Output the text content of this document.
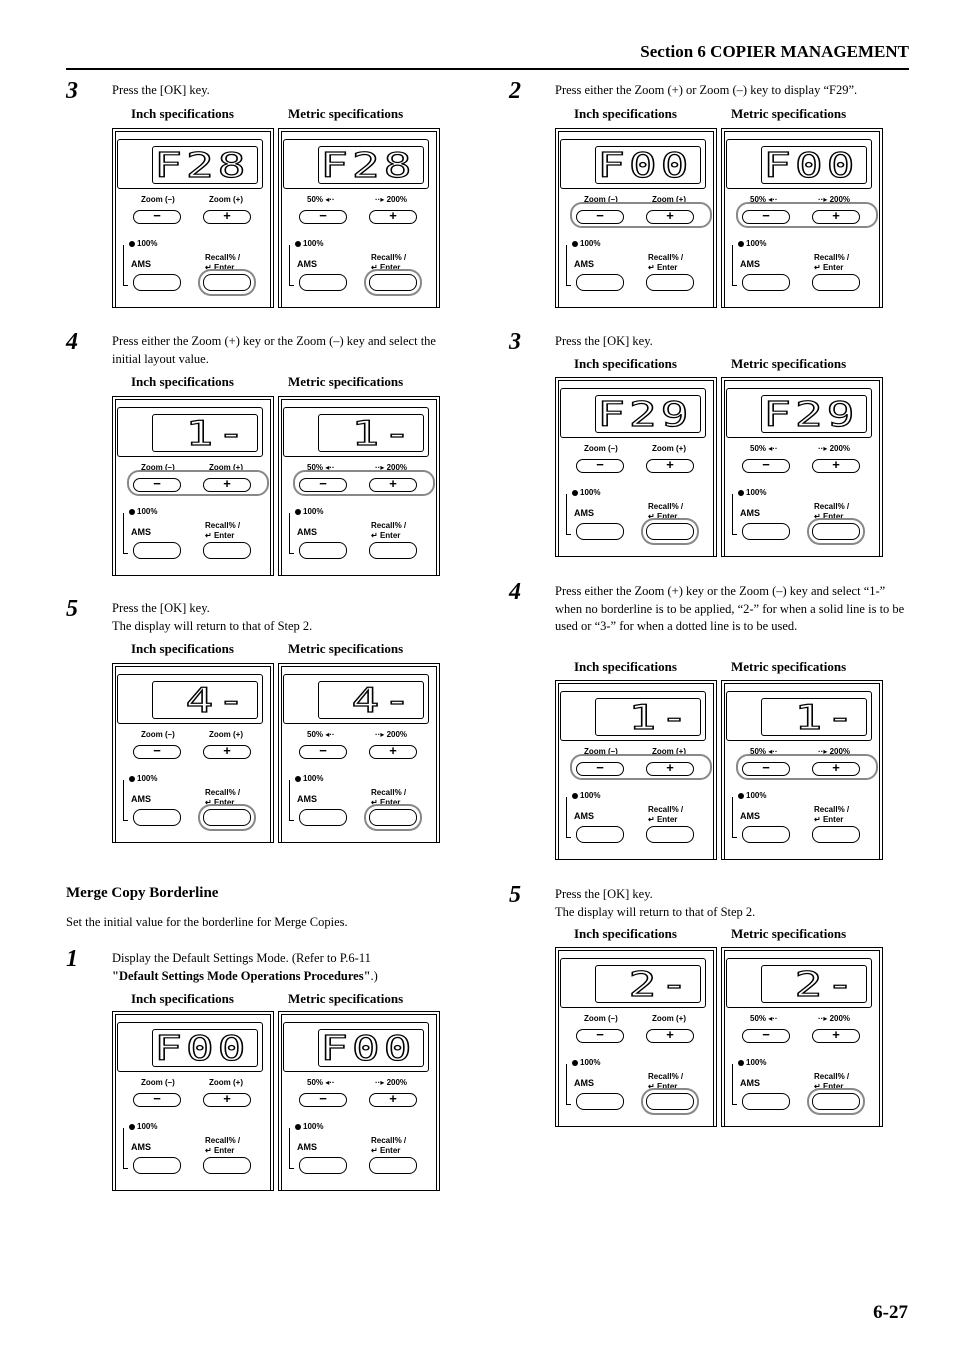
Section 6 COPIER MANAGEMENT
3	Press the [OK] key.
Inch specifications	Metric specifications
F28
Zoom (–)	Zoom (+)
−	+
100%
AMS
Recall% /
↵ Enter
F28
50% ◂··	··▸ 200%
−	+
100%
AMS
Recall% /
↵ Enter
4	Press either the Zoom (+) key or the Zoom (–) key and select the initial layout value.
Inch specifications	Metric specifications
1-
Zoom (–)	Zoom (+)
−	+
100%
AMS
Recall% /
↵ Enter
1-
50% ◂··	··▸ 200%
−	+
100%
AMS
Recall% /
↵ Enter
5	Press the [OK] key.
The display will return to that of Step 2.
Inch specifications	Metric specifications
4-
Zoom (–)	Zoom (+)
−	+
100%
AMS
Recall% /
↵ Enter
4-
50% ◂··	··▸ 200%
−	+
100%
AMS
Recall% /
↵ Enter
Merge Copy Borderline
Set the initial value for the borderline for Merge Copies.
1	Display the Default Settings Mode. (Refer to P.6-11
"Default Settings Mode Operations Procedures".)
Inch specifications	Metric specifications
F00
Zoom (–)	Zoom (+)
−	+
100%
AMS
Recall% /
↵ Enter
F00
50% ◂··	··▸ 200%
−	+
100%
AMS
Recall% /
↵ Enter
2	Press either the Zoom (+) or Zoom (–) key to display “F29”.
Inch specifications	Metric specifications
F00
Zoom (–)	Zoom (+)
−	+
100%
AMS
Recall% /
↵ Enter
F00
50% ◂··	··▸ 200%
−	+
100%
AMS
Recall% /
↵ Enter
3	Press the [OK] key.
Inch specifications	Metric specifications
F29
Zoom (–)	Zoom (+)
−	+
100%
AMS
Recall% /
↵ Enter
F29
50% ◂··	··▸ 200%
−	+
100%
AMS
Recall% /
↵ Enter
4	Press either the Zoom (+) key or the Zoom (–) key and select “1-” when no borderline is to be applied, “2-” for when a solid line is to be used or “3-” for when a dotted line is to be used.
Inch specifications	Metric specifications
1-
Zoom (–)	Zoom (+)
−	+
100%
AMS
Recall% /
↵ Enter
1-
50% ◂··	··▸ 200%
−	+
100%
AMS
Recall% /
↵ Enter
5	Press the [OK] key.
The display will return to that of Step 2.
Inch specifications	Metric specifications
2-
Zoom (–)	Zoom (+)
−	+
100%
AMS
Recall% /
↵ Enter
2-
50% ◂··	··▸ 200%
−	+
100%
AMS
Recall% /
↵ Enter
6-27
